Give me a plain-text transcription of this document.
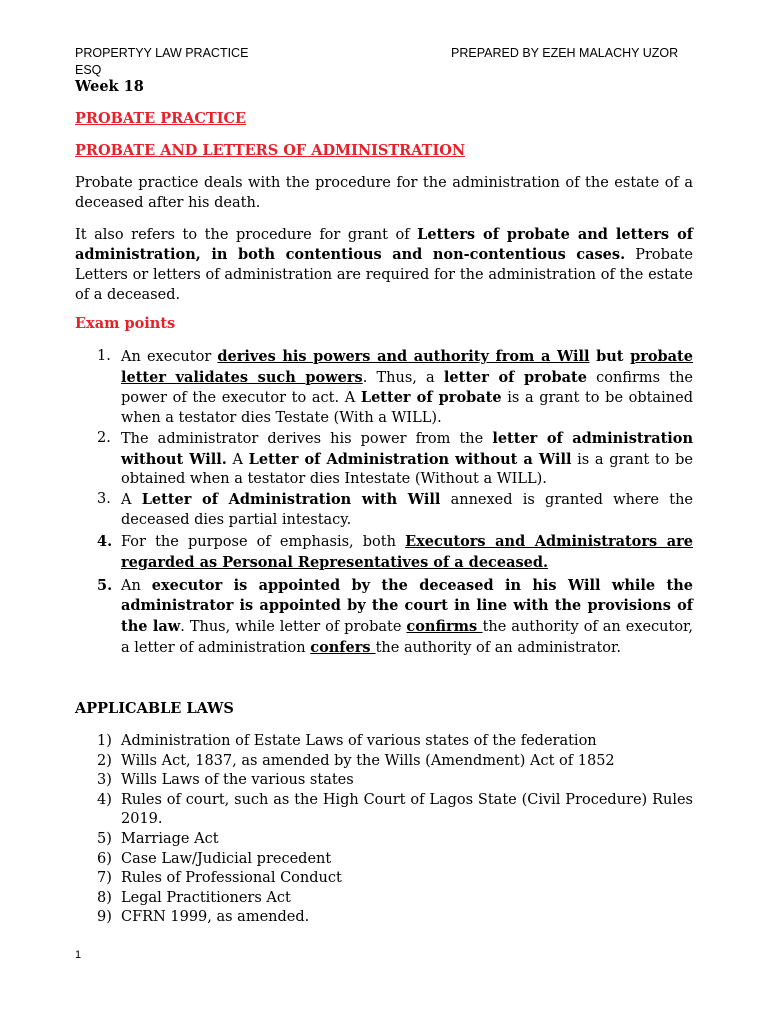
PROPERTYY LAW PRACTICE	PREPARED BY EZEH MALACHY UZOR
ESQ
Week 18
PROBATE PRACTICE
PROBATE AND LETTERS OF ADMINISTRATION
Probate practice deals with the procedure for the administration of the estate of a deceased after his death.
It also refers to the procedure for grant of Letters of probate and letters of administration, in both contentious and non-contentious cases. Probate Letters or letters of administration are required for the administration of the estate of a deceased.
Exam points
1. An executor derives his powers and authority from a Will but probate letter validates such powers. Thus, a letter of probate confirms the power of the executor to act. A Letter of probate is a grant to be obtained when a testator dies Testate (With a WILL).
2. The administrator derives his power from the letter of administration without Will. A Letter of Administration without a Will is a grant to be obtained when a testator dies Intestate (Without a WILL).
3. A Letter of Administration with Will annexed is granted where the deceased dies partial intestacy.
4. For the purpose of emphasis, both Executors and Administrators are regarded as Personal Representatives of a deceased.
5. An executor is appointed by the deceased in his Will while the administrator is appointed by the court in line with the provisions of the law. Thus, while letter of probate confirms the authority of an executor, a letter of administration confers the authority of an administrator.
APPLICABLE LAWS
1) Administration of Estate Laws of various states of the federation
2) Wills Act, 1837, as amended by the Wills (Amendment) Act of 1852
3) Wills Laws of the various states
4) Rules of court, such as the High Court of Lagos State (Civil Procedure) Rules 2019.
5) Marriage Act
6) Case Law/Judicial precedent
7) Rules of Professional Conduct
8) Legal Practitioners Act
9) CFRN 1999, as amended.
1
